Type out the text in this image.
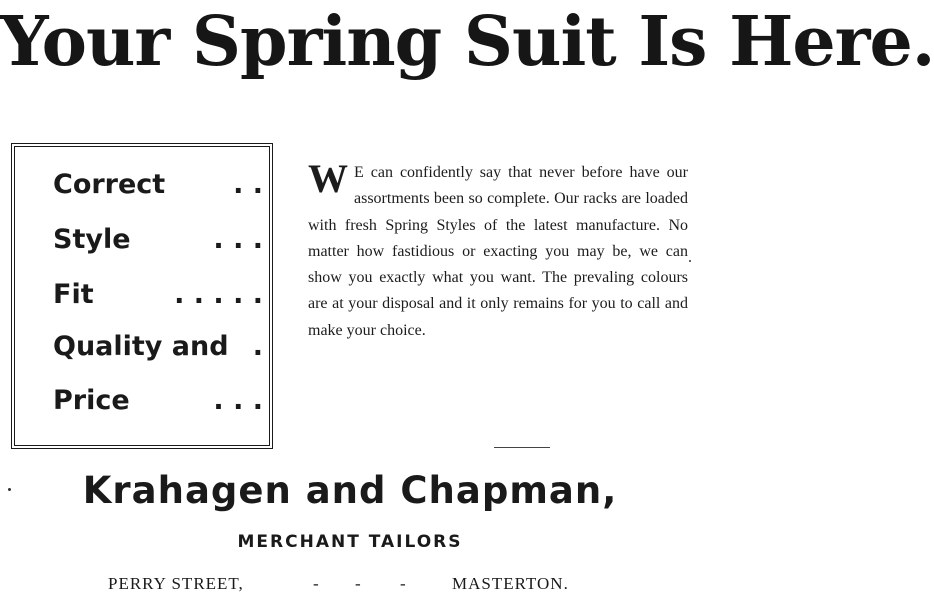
Your Spring Suit Is Here.
Correct	. .
Style	. . .
Fit	. . . . .
Quality and .
Price	. . .
W E can confidently say that never before have our assortments been so complete. Our racks are loaded with fresh Spring Styles of the latest manufacture. No matter how fastidious or exacting you may be, we can show you exactly what you want. The prevaling colours are at your disposal and it only remains for you to call and make your choice.
Krahagen and Chapman,
MERCHANT TAILORS
PERRY STREET,	- - -	MASTERTON.
